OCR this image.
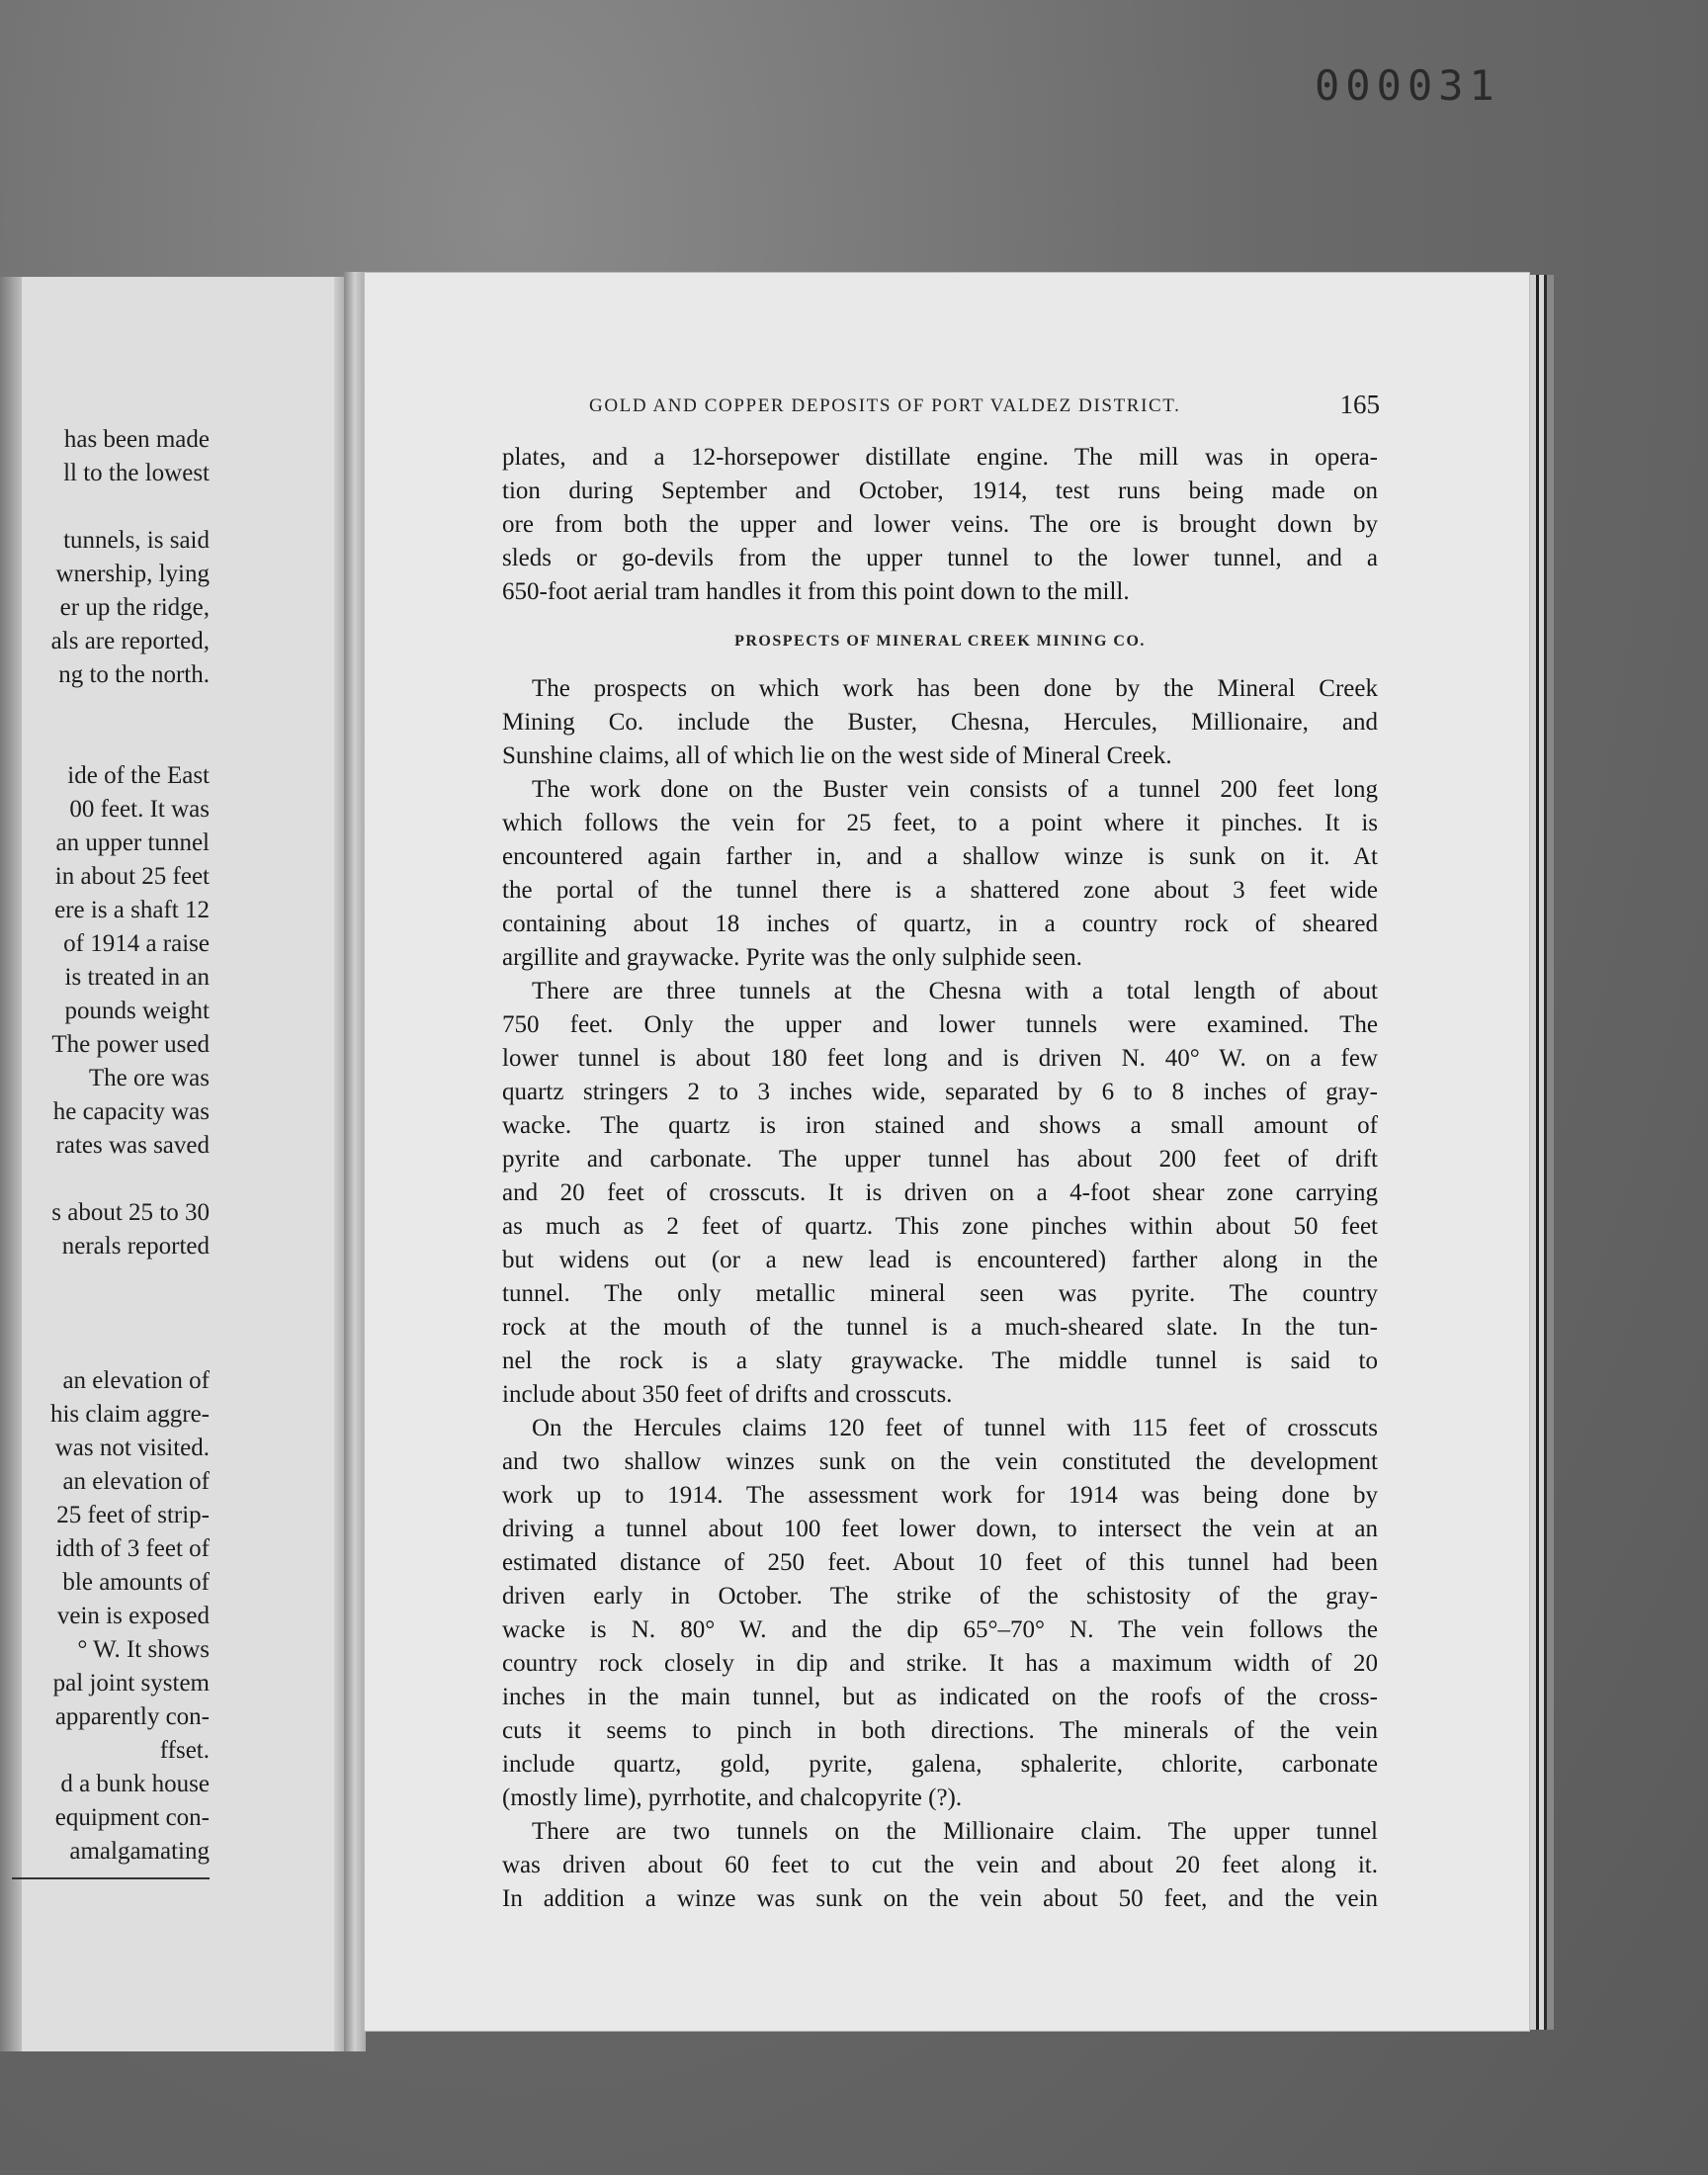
000031
has been made
ll to the lowest
tunnels, is said
wnership, lying
er up the ridge,
als are reported,
ng to the north.
ide of the East
00 feet. It was
an upper tunnel
in about 25 feet
ere is a shaft 12
of 1914 a raise
is treated in an
pounds weight
The power used
The ore was
he capacity was
rates was saved
s about 25 to 30
nerals reported
an elevation of
his claim aggre-
was not visited.
an elevation of
25 feet of strip-
idth of 3 feet of
ble amounts of
vein is exposed
° W. It shows
pal joint system
apparently con-
ffset.
d a bunk house
equipment con-
amalgamating
GOLD AND COPPER DEPOSITS OF PORT VALDEZ DISTRICT.	165
plates, and a 12-horsepower distillate engine. The mill was in opera-
tion during September and October, 1914, test runs being made on
ore from both the upper and lower veins. The ore is brought down by
sleds or go-devils from the upper tunnel to the lower tunnel, and a
650-foot aerial tram handles it from this point down to the mill.
PROSPECTS OF MINERAL CREEK MINING CO.
The prospects on which work has been done by the Mineral Creek
Mining Co. include the Buster, Chesna, Hercules, Millionaire, and
Sunshine claims, all of which lie on the west side of Mineral Creek.
The work done on the Buster vein consists of a tunnel 200 feet long
which follows the vein for 25 feet, to a point where it pinches. It is
encountered again farther in, and a shallow winze is sunk on it. At
the portal of the tunnel there is a shattered zone about 3 feet wide
containing about 18 inches of quartz, in a country rock of sheared
argillite and graywacke. Pyrite was the only sulphide seen.
There are three tunnels at the Chesna with a total length of about
750 feet. Only the upper and lower tunnels were examined. The
lower tunnel is about 180 feet long and is driven N. 40° W. on a few
quartz stringers 2 to 3 inches wide, separated by 6 to 8 inches of gray-
wacke. The quartz is iron stained and shows a small amount of
pyrite and carbonate. The upper tunnel has about 200 feet of drift
and 20 feet of crosscuts. It is driven on a 4-foot shear zone carrying
as much as 2 feet of quartz. This zone pinches within about 50 feet
but widens out (or a new lead is encountered) farther along in the
tunnel. The only metallic mineral seen was pyrite. The country
rock at the mouth of the tunnel is a much-sheared slate. In the tun-
nel the rock is a slaty graywacke. The middle tunnel is said to
include about 350 feet of drifts and crosscuts.
On the Hercules claims 120 feet of tunnel with 115 feet of crosscuts
and two shallow winzes sunk on the vein constituted the development
work up to 1914. The assessment work for 1914 was being done by
driving a tunnel about 100 feet lower down, to intersect the vein at an
estimated distance of 250 feet. About 10 feet of this tunnel had been
driven early in October. The strike of the schistosity of the gray-
wacke is N. 80° W. and the dip 65°–70° N. The vein follows the
country rock closely in dip and strike. It has a maximum width of 20
inches in the main tunnel, but as indicated on the roofs of the cross-
cuts it seems to pinch in both directions. The minerals of the vein
include quartz, gold, pyrite, galena, sphalerite, chlorite, carbonate
(mostly lime), pyrrhotite, and chalcopyrite (?).
There are two tunnels on the Millionaire claim. The upper tunnel
was driven about 60 feet to cut the vein and about 20 feet along it.
In addition a winze was sunk on the vein about 50 feet, and the vein
